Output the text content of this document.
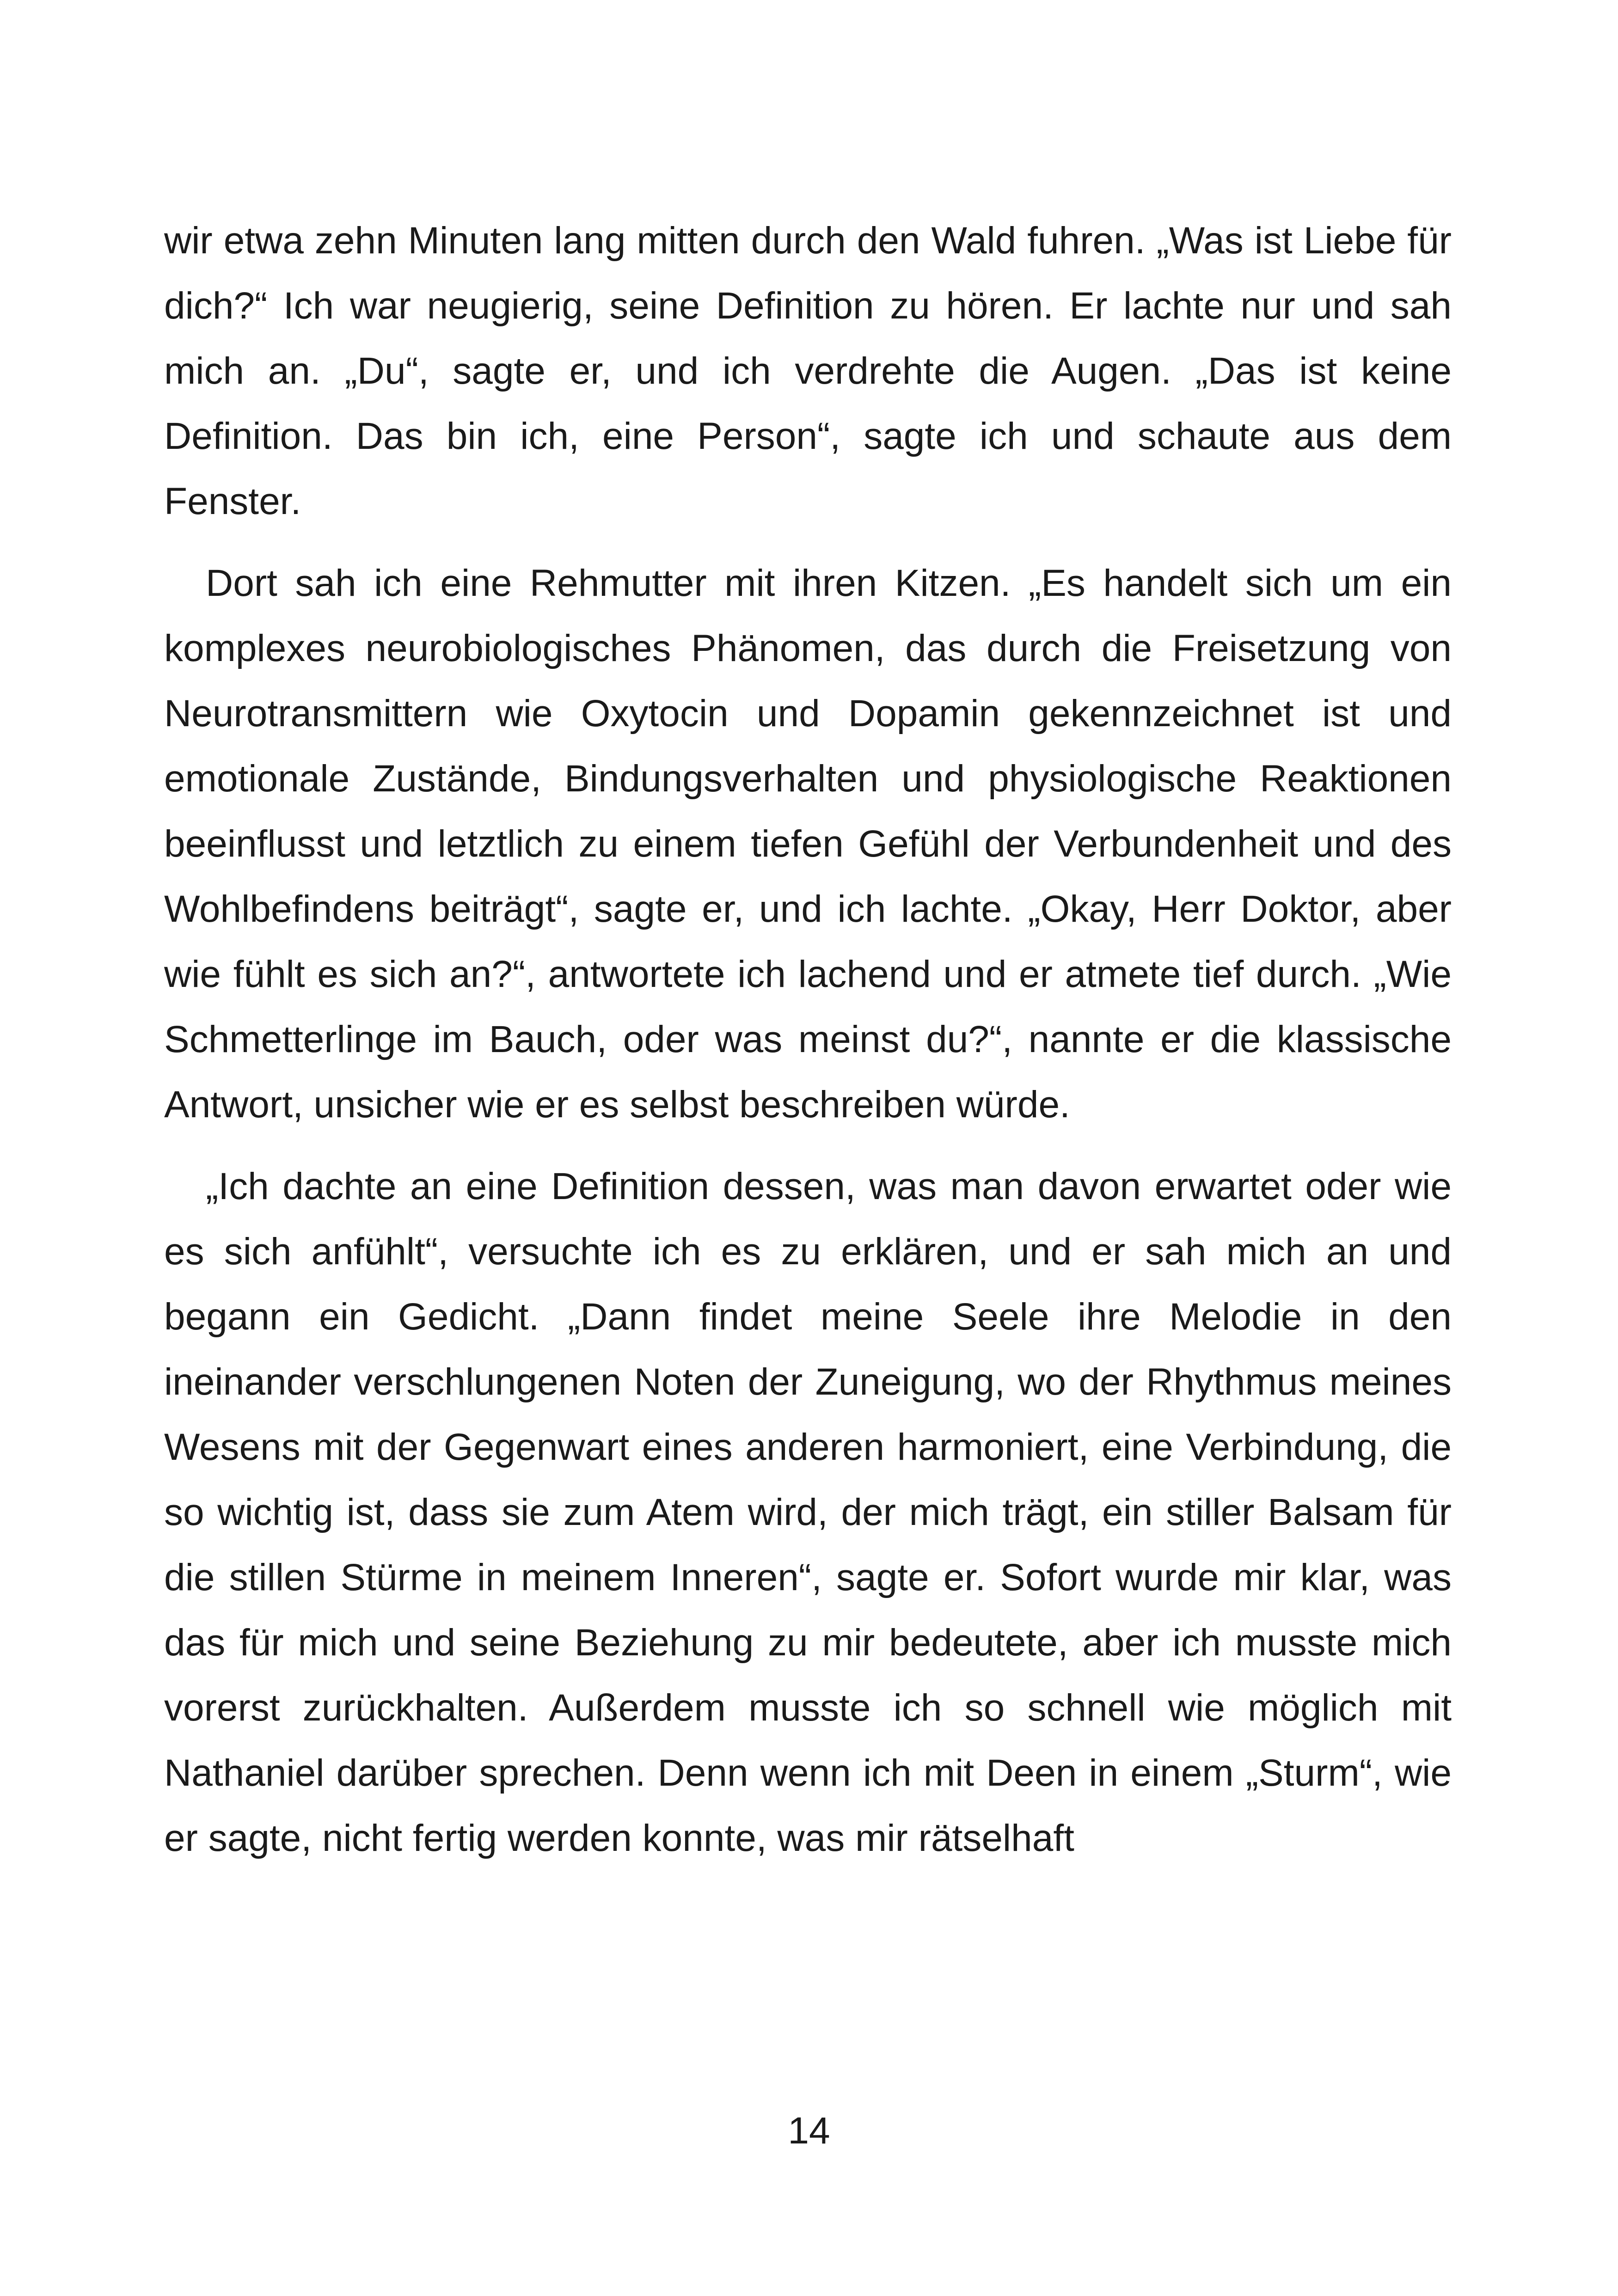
wir etwa zehn Minuten lang mitten durch den Wald fuhren. „Was ist Liebe für dich?“ Ich war neugierig, seine Definition zu hören. Er lachte nur und sah mich an. „Du“, sagte er, und ich verdrehte die Augen. „Das ist keine Definition. Das bin ich, eine Person“, sagte ich und schaute aus dem Fenster.

Dort sah ich eine Rehmutter mit ihren Kitzen. „Es handelt sich um ein komplexes neurobiologisches Phänomen, das durch die Freisetzung von Neurotransmittern wie Oxytocin und Dopamin gekennzeichnet ist und emotionale Zustände, Bindungsverhalten und physiologische Reaktionen beeinflusst und letztlich zu einem tiefen Gefühl der Verbundenheit und des Wohlbefindens beiträgt“, sagte er, und ich lachte. „Okay, Herr Doktor, aber wie fühlt es sich an?“, antwortete ich lachend und er atmete tief durch. „Wie Schmetterlinge im Bauch, oder was meinst du?“, nannte er die klassische Antwort, unsicher wie er es selbst beschreiben würde.

„Ich dachte an eine Definition dessen, was man davon erwartet oder wie es sich anfühlt“, versuchte ich es zu erklären, und er sah mich an und begann ein Gedicht. „Dann findet meine Seele ihre Melodie in den ineinander verschlungenen Noten der Zuneigung, wo der Rhythmus meines Wesens mit der Gegenwart eines anderen harmoniert, eine Verbindung, die so wichtig ist, dass sie zum Atem wird, der mich trägt, ein stiller Balsam für die stillen Stürme in meinem Inneren“, sagte er. Sofort wurde mir klar, was das für mich und seine Beziehung zu mir bedeutete, aber ich musste mich vorerst zurückhalten. Außerdem musste ich so schnell wie möglich mit Nathaniel darüber sprechen. Denn wenn ich mit Deen in einem „Sturm“, wie er sagte, nicht fertig werden konnte, was mir rätselhaft

14
